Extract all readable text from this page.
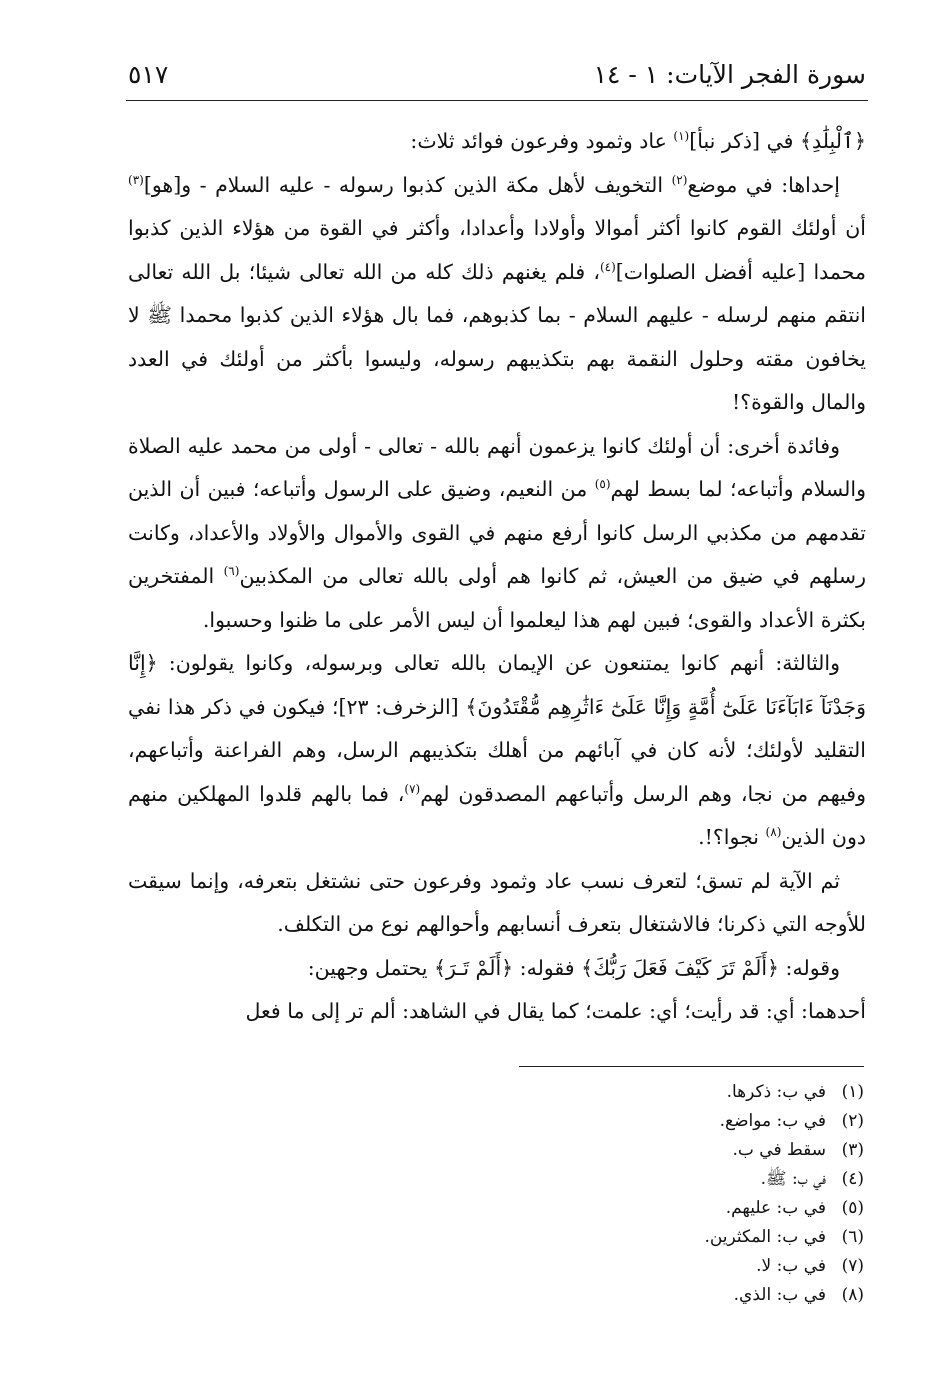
سورة الفجر الآيات: ١ - ١٤
٥١٧

﴿ٱلْبِلَٰدِ﴾ في [ذكر نبأ]$^{(١)}$ عاد وثمود وفرعون فوائد ثلاث:

إحداها: في موضع$^{(٢)}$ التخويف لأهل مكة الذين كذبوا رسوله - عليه السلام - و[هو]$^{(٣)}$ أن أولئك القوم كانوا أكثر أموالا وأولادا وأعدادا، وأكثر في القوة من هؤلاء الذين كذبوا محمدا [عليه أفضل الصلوات]$^{(٤)}$، فلم يغنهم ذلك كله من الله تعالى شيئا؛ بل الله تعالى انتقم منهم لرسله - عليهم السلام - بما كذبوهم، فما بال هؤلاء الذين كذبوا محمدا ﷺ لا يخافون مقته وحلول النقمة بهم بتكذيبهم رسوله، وليسوا بأكثر من أولئك في العدد والمال والقوة؟!

وفائدة أخرى: أن أولئك كانوا يزعمون أنهم بالله - تعالى - أولى من محمد عليه الصلاة والسلام وأتباعه؛ لما بسط لهم$^{(٥)}$ من النعيم، وضيق على الرسول وأتباعه؛ فبين أن الذين تقدمهم من مكذبي الرسل كانوا أرفع منهم في القوى والأموال والأولاد والأعداد، وكانت رسلهم في ضيق من العيش، ثم كانوا هم أولى بالله تعالى من المكذبين$^{(٦)}$ المفتخرين بكثرة الأعداد والقوى؛ فبين لهم هذا ليعلموا أن ليس الأمر على ما ظنوا وحسبوا.

والثالثة: أنهم كانوا يمتنعون عن الإيمان بالله تعالى وبرسوله، وكانوا يقولون: ﴿إِنَّا وَجَدْنَآ ءَابَآءَنَا عَلَىٰٓ أُمَّةٍ وَإِنَّا عَلَىٰٓ ءَاثَٰرِهِم مُّقْتَدُونَ﴾ [الزخرف: ٢٣]؛ فيكون في ذكر هذا نفي التقليد لأولئك؛ لأنه كان في آبائهم من أهلك بتكذيبهم الرسل، وهم الفراعنة وأتباعهم، وفيهم من نجا، وهم الرسل وأتباعهم المصدقون لهم$^{(٧)}$، فما بالهم قلدوا المهلكين منهم دون الذين$^{(٨)}$ نجوا؟!.

ثم الآية لم تسق؛ لتعرف نسب عاد وثمود وفرعون حتى نشتغل بتعرفه، وإنما سيقت للأوجه التي ذكرنا؛ فالاشتغال بتعرف أنسابهم وأحوالهم نوع من التكلف.

وقوله: ﴿أَلَمْ تَرَ كَيْفَ فَعَلَ رَبُّكَ﴾ فقوله: ﴿أَلَمْ تَـرَ﴾ يحتمل وجهين:

أحدهما: أي: قد رأيت؛ أي: علمت؛ كما يقال في الشاهد: ألم تر إلى ما فعل

(١)
في ب: ذكرها.
(٢)
في ب: مواضع.
(٣)
سقط في ب.
(٤)
في ب: ﷺ.
(٥)
في ب: عليهم.
(٦)
في ب: المكثرين.
(٧)
في ب: لا.
(٨)
في ب: الذي.
